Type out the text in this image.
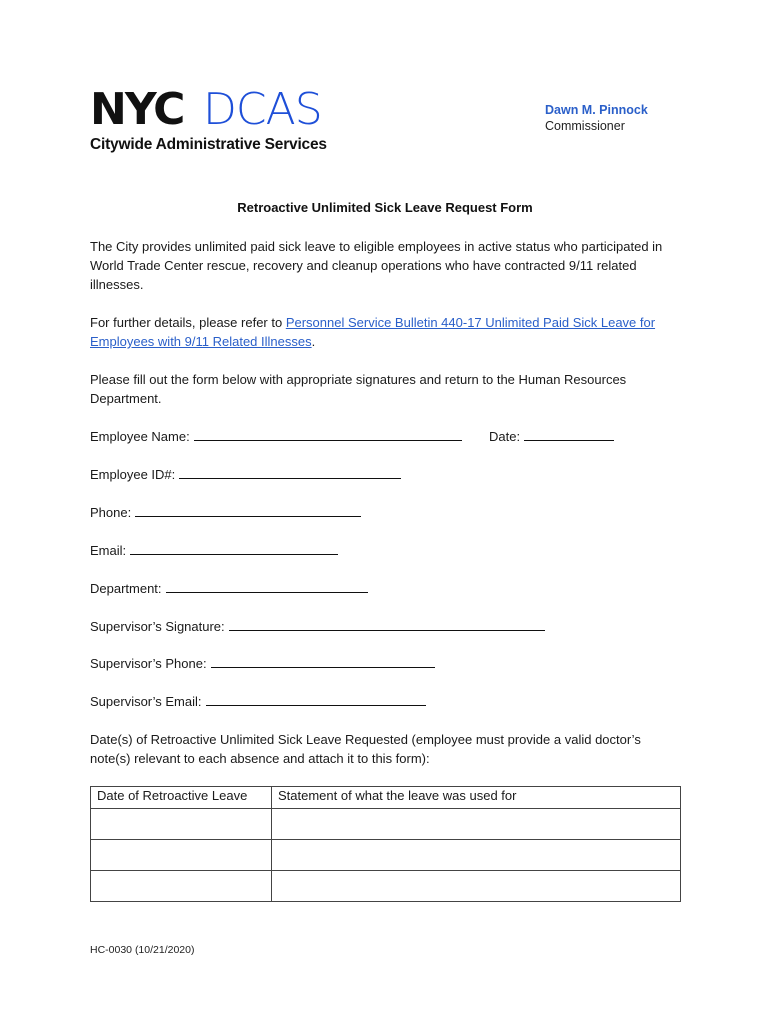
NYC DCAS
Citywide Administrative Services
Dawn M. Pinnock
Commissioner
Retroactive Unlimited Sick Leave Request Form
The City provides unlimited paid sick leave to eligible employees in active status who participated in World Trade Center rescue, recovery and cleanup operations who have contracted 9/11 related illnesses.
For further details, please refer to Personnel Service Bulletin 440-17 Unlimited Paid Sick Leave for Employees with 9/11 Related Illnesses.
Please fill out the form below with appropriate signatures and return to the Human Resources Department.
Employee Name:	Date:
Employee ID#:
Phone:
Email:
Department:
Supervisor’s Signature:
Supervisor’s Phone:
Supervisor’s Email:
Date(s) of Retroactive Unlimited Sick Leave Requested (employee must provide a valid doctor’s note(s) relevant to each absence and attach it to this form):
Date of Retroactive Leave	Statement of what the leave was used for

HC-0030 (10/21/2020)
